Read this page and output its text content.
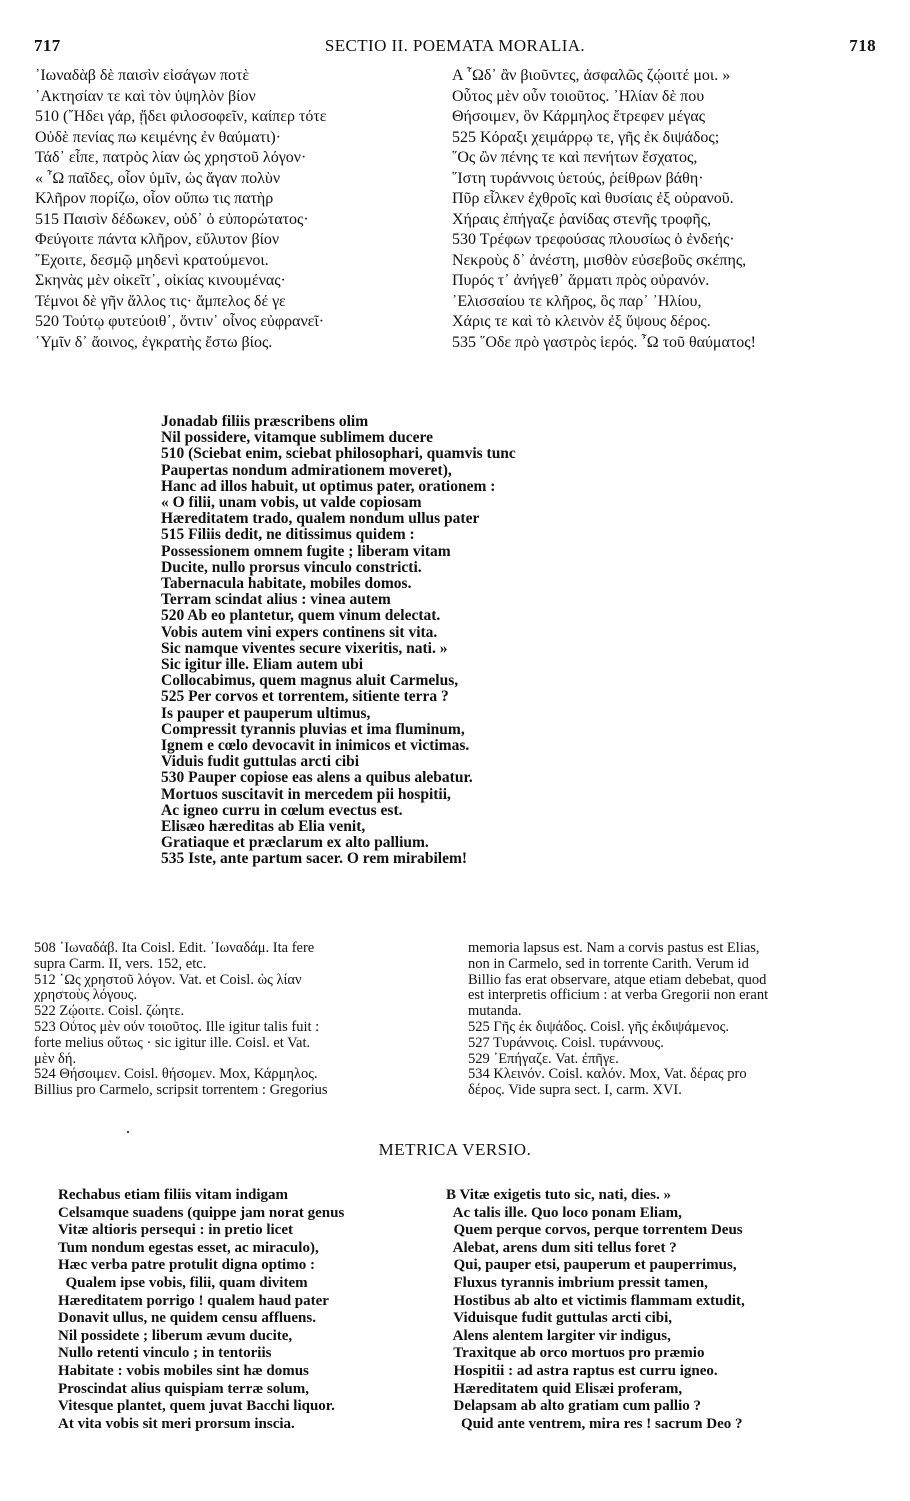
717	SECTIO II. POEMATA MORALIA.	718
᾿Ιωναδὰβ δὲ παισὶν εἰσάγων ποτὲ
᾿Ακτησίαν τε καὶ τὸν ὑψηλὸν βίον
510 (῎Ηδει γάρ, ᾔδει φιλοσοφεῖν, καίπερ τότε
Οὐδὲ πενίας πω κειμένης ἐν θαύματι)·
Τάδ᾽ εἶπε, πατρὸς λίαν ὡς χρηστοῦ λόγον·
« ῏Ω παῖδες, οἷον ὑμῖν, ὡς ἄγαν πολὺν
Κλῆρον πορίζω, οἷον οὔπω τις πατὴρ
515 Παισὶν δέδωκεν, οὐδ᾽ ὁ εὐπορώτατος·
Φεύγοιτε πάντα κλῆρον, εὔλυτον βίον
῎Εχοιτε, δεσμῷ μηδενὶ κρατούμενοι.
Σκηνὰς μὲν οἰκεῖτ᾽, οἰκίας κινουμένας·
Τέμνοι δὲ γῆν ἄλλος τις· ἄμπελος δέ γε
520 Τούτῳ φυτεύοιθ᾽, ὅντιν᾽ οἶνος εὐφρανεῖ·
῾Υμῖν δ᾽ ἄοινος, ἐγκρατὴς ἔστω βίος.
A ῟Ωδ᾽ ἂν βιοῦντες, ἀσφαλῶς ζῴοιτέ μοι. »
Οὗτος μὲν οὖν τοιοῦτος. ᾿Ηλίαν δὲ που
Θήσοιμεν, ὃν Κάρμηλος ἔτρεφεν μέγας
525 Κόραξι χειμάρρῳ τε, γῆς ἐκ διψάδος;
῞Ος ὢν πένης τε καὶ πενήτων ἔσχατος,
῞Ιστη τυράννοις ὑετούς, ῥείθρων βάθη·
Πῦρ εἷλκεν ἐχθροῖς καὶ θυσίαις ἐξ οὐρανοῦ.
Χήραις ἐπήγαζε ῥανίδας στενῆς τροφῆς,
530 Τρέφων τρεφούσας πλουσίως ὁ ἐνδεής·
Νεκροὺς δ᾽ ἀνέστη, μισθὸν εὐσεβοῦς σκέπης,
Πυρός τ᾽ ἀνήγεθ᾽ ἅρματι πρὸς οὐρανόν.
᾿Ελισσαίου τε κλῆρος, ὃς παρ᾽ ᾿Ηλίου,
Χάρις τε καὶ τὸ κλεινὸν ἐξ ὕψους δέρος.
535 ῞Οδε πρὸ γαστρὸς ἱερός. ῏Ω τοῦ θαύματος!
Jonadab filiis præscribens olim
Nil possidere, vitamque sublimem ducere
510 (Sciebat enim, sciebat philosophari, quamvis tunc
Paupertas nondum admirationem moveret),
Hanc ad illos habuit, ut optimus pater, orationem :
« O filii, unam vobis, ut valde copiosam
Hæreditatem trado, qualem nondum ullus pater
515 Filiis dedit, ne ditissimus quidem :
Possessionem omnem fugite ; liberam vitam
Ducite, nullo prorsus vinculo constricti.
Tabernacula habitate, mobiles domos.
Terram scindat alius : vinea autem
520 Ab eo plantetur, quem vinum delectat.
Vobis autem vini expers continens sit vita.
Sic namque viventes secure vixeritis, nati. »
Sic igitur ille. Eliam autem ubi
Collocabimus, quem magnus aluit Carmelus,
525 Per corvos et torrentem, sitiente terra ?
Is pauper et pauperum ultimus,
Compressit tyrannis pluvias et ima fluminum,
Ignem e cœlo devocavit in inimicos et victimas.
Viduis fudit guttulas arcti cibi
530 Pauper copiose eas alens a quibus alebatur.
Mortuos suscitavit in mercedem pii hospitii,
Ac igneo curru in cœlum evectus est.
Elisæo hæreditas ab Elia venit,
Gratiaque et præclarum ex alto pallium.
535 Iste, ante partum sacer. O rem mirabilem!
508 ᾿Ιωναδάβ. Ita Coisl. Edit. ᾿Ιωναδάμ. Ita fere
supra Carm. II, vers. 152, etc.
512 ῾Ως χρηστοῦ λόγον. Vat. et Coisl. ὡς λίαν
χρηστοὺς λόγους.
522 Ζῴοιτε. Coisl. ζώητε.
523 Οὗτος μὲν οὖν τοιοῦτος. Ille igitur talis fuit :
forte melius οὕτως · sic igitur ille. Coisl. et Vat.
μὲν δή.
524 Θήσοιμεν. Coisl. θήσομεν. Mox, Κάρμηλος.
Billius pro Carmelo, scripsit torrentem : Gregorius
memoria lapsus est. Nam a corvis pastus est Elias,
non in Carmelo, sed in torrente Carith. Verum id
Billio fas erat observare, atque etiam debebat, quod
est interpretis officium : at verba Gregorii non erant
mutanda.
525 Γῆς ἐκ διψάδος. Coisl. γῆς ἐκδιψάμενος.
527 Τυράννοις. Coisl. τυράννους.
529 ᾿Επήγαζε. Vat. ἐπῆγε.
534 Κλεινόν. Coisl. καλόν. Mox, Vat. δέρας pro
δέρος. Vide supra sect. I, carm. XVI.
METRICA VERSIO.
Rechabus etiam filiis vitam indigam
Celsamque suadens (quippe jam norat genus
Vitæ altioris persequi : in pretio licet
Tum nondum egestas esset, ac miraculo),
Hæc verba patre protulit digna optimo :
Qualem ipse vobis, filii, quam divitem
Hæreditatem porrigo ! qualem haud pater
Donavit ullus, ne quidem censu affluens.
Nil possidete ; liberum ævum ducite,
Nullo retenti vinculo ; in tentoriis
Habitate : vobis mobiles sint hæ domus
Proscindat alius quispiam terræ solum,
Vitesque plantet, quem juvat Bacchi liquor.
At vita vobis sit meri prorsum inscia.
B Vitæ exigetis tuto sic, nati, dies. »
Ac talis ille. Quo loco ponam Eliam,
Quem perque corvos, perque torrentem Deus
Alebat, arens dum siti tellus foret ?
Qui, pauper etsi, pauperum et pauperrimus,
Fluxus tyrannis imbrium pressit tamen,
Hostibus ab alto et victimis flammam extudit,
Viduisque fudit guttulas arcti cibi,
Alens alentem largiter vir indigus,
Traxitque ab orco mortuos pro præmio
Hospitii : ad astra raptus est curru igneo.
Hæreditatem quid Elisæi proferam,
Delapsam ab alto gratiam cum pallio ?
Quid ante ventrem, mira res ! sacrum Deo ?
